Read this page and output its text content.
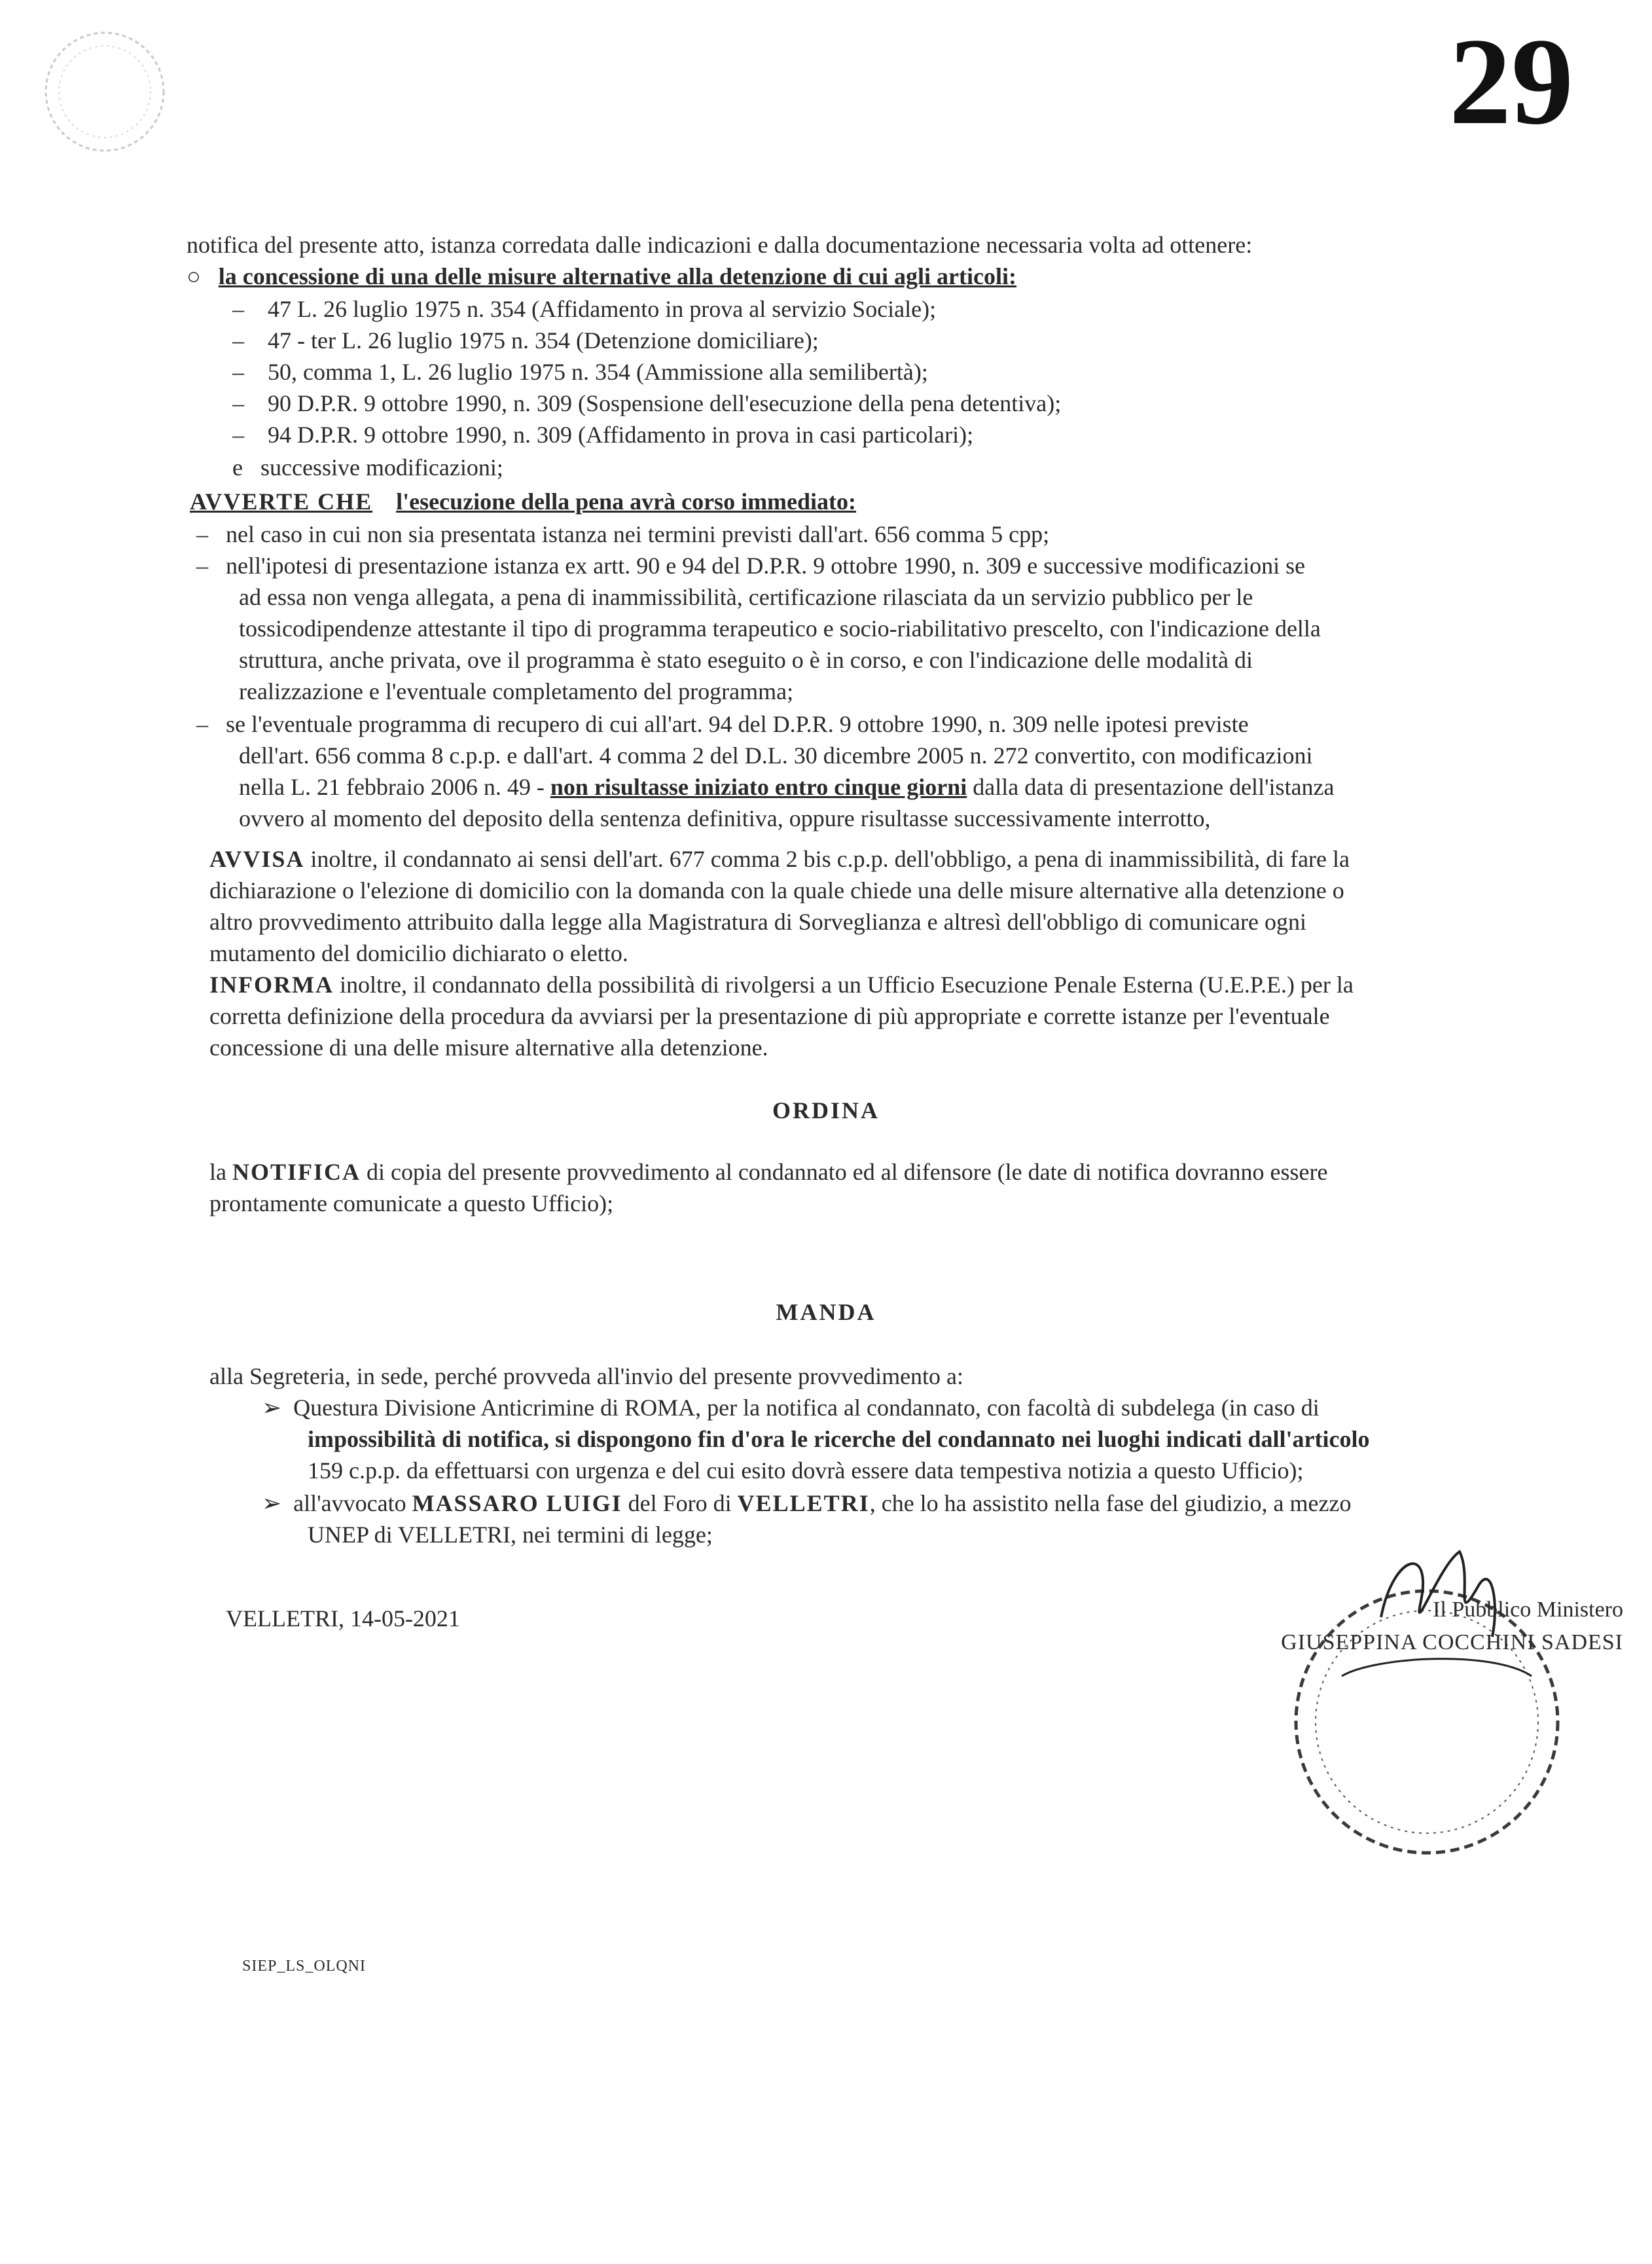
29
notifica del presente atto, istanza corredata dalle indicazioni e dalla documentazione necessaria volta ad ottenere:
○   la concessione di una delle misure alternative alla detenzione di cui agli articoli:
–    47 L. 26 luglio 1975 n. 354 (Affidamento in prova al servizio Sociale);
–    47 - ter L. 26 luglio 1975 n. 354 (Detenzione domiciliare);
–    50, comma 1, L. 26 luglio 1975 n. 354 (Ammissione alla semilibertà);
–    90 D.P.R. 9 ottobre 1990, n. 309 (Sospensione dell'esecuzione della pena detentiva);
–    94 D.P.R. 9 ottobre 1990, n. 309 (Affidamento in prova in casi particolari);
e   successive modificazioni;
AVVERTE CHE l'esecuzione della pena avrà corso immediato:
–   nel caso in cui non sia presentata istanza nei termini previsti dall'art. 656 comma 5 cpp;
–   nell'ipotesi di presentazione istanza ex artt. 90 e 94 del D.P.R. 9 ottobre 1990, n. 309 e successive modificazioni se
ad essa non venga allegata, a pena di inammissibilità, certificazione rilasciata da un servizio pubblico per le
tossicodipendenze attestante il tipo di programma terapeutico e socio-riabilitativo prescelto, con l'indicazione della
struttura, anche privata, ove il programma è stato eseguito o è in corso, e con l'indicazione delle modalità di
realizzazione e l'eventuale completamento del programma;
–   se l'eventuale programma di recupero di cui all'art. 94 del D.P.R. 9 ottobre 1990, n. 309 nelle ipotesi previste
dell'art. 656 comma 8 c.p.p. e dall'art. 4 comma 2 del D.L. 30 dicembre 2005 n. 272 convertito, con modificazioni
nella L. 21 febbraio 2006 n. 49 - non risultasse iniziato entro cinque giorni dalla data di presentazione dell'istanza
ovvero al momento del deposito della sentenza definitiva, oppure risultasse successivamente interrotto,
AVVISA inoltre, il condannato ai sensi dell'art. 677 comma 2 bis c.p.p. dell'obbligo, a pena di inammissibilità, di fare la
dichiarazione o l'elezione di domicilio con la domanda con la quale chiede una delle misure alternative alla detenzione o
altro provvedimento attribuito dalla legge alla Magistratura di Sorveglianza e altresì dell'obbligo di comunicare ogni
mutamento del domicilio dichiarato o eletto.
INFORMA inoltre, il condannato della possibilità di rivolgersi a un Ufficio Esecuzione Penale Esterna (U.E.P.E.) per la
corretta definizione della procedura da avviarsi per la presentazione di più appropriate e corrette istanze per l'eventuale
concessione di una delle misure alternative alla detenzione.
ORDINA
la NOTIFICA di copia del presente provvedimento al condannato ed al difensore (le date di notifica dovranno essere
prontamente comunicate a questo Ufficio);
MANDA
alla Segreteria, in sede, perché provveda all'invio del presente provvedimento a:
➢  Questura Divisione Anticrimine di ROMA, per la notifica al condannato, con facoltà di subdelega (in caso di
impossibilità di notifica, si dispongono fin d'ora le ricerche del condannato nei luoghi indicati dall'articolo
159 c.p.p. da effettuarsi con urgenza e del cui esito dovrà essere data tempestiva notizia a questo Ufficio);
➢  all'avvocato MASSARO LUIGI del Foro di VELLETRI, che lo ha assistito nella fase del giudizio, a mezzo
UNEP di VELLETRI, nei termini di legge;
VELLETRI, 14-05-2021	Il Pubblico Ministero
GIUSEPPINA COCCHINI SADESI
SIEP_LS_OLQNI
